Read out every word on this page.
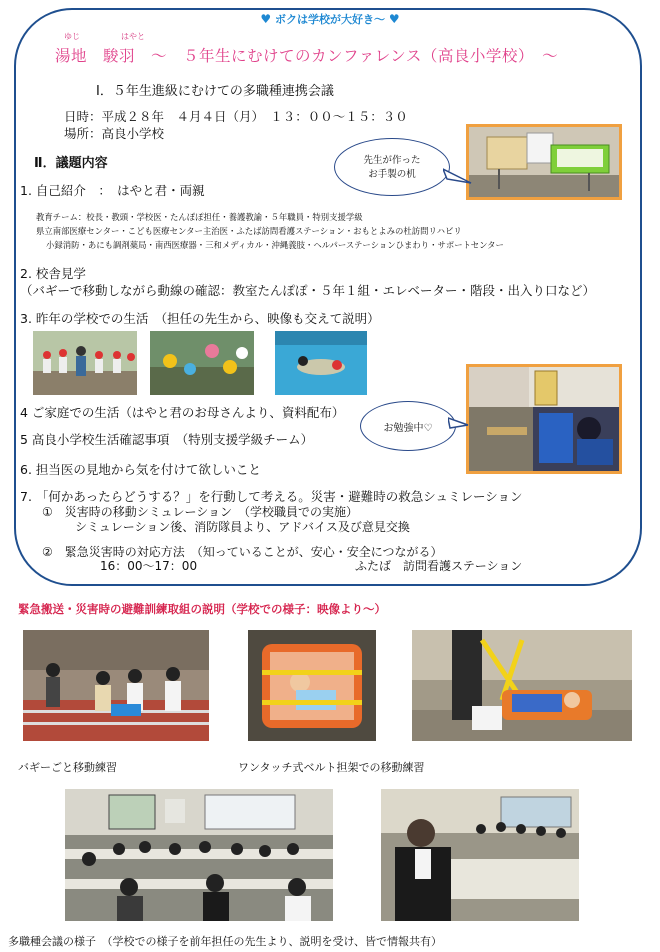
♥ ボクは学校が大好き〜 ♥
ゆじ	はやと
湯地　駿羽　〜　５年生にむけてのカンファレンス（高良小学校）　〜
Ⅰ．５年生進級にむけての多職種連携会議
日時：平成２８年　４月４日（月）　１３：００〜１５：３０
場所：高良小学校
Ⅱ．議題内容
1. 自己紹介　：　はやと君・両親
教育チーム：校長・教頭・学校医・たんぽぽ担任・養護教諭・５年職員・特別支援学級
県立南部医療センター・こども医療センター主治医・ふたば訪問看護ステーション・おもとよみの杜訪問リハビリ
小録消防・あにも調剤薬局・南西医療器・三和メディカル・沖縄義肢・ヘルパーステーションひまわり・サポートセンター
2. 校舎見学
（バギーで移動しながら動線の確認：教室たんぽぽ・５年１組・エレベーター・階段・出入り口など）
3. 昨年の学校での生活　（担任の先生から、映像も交えて説明）
先生が作った
お手製の机
4 ご家庭での生活（はやと君のお母さんより、資料配布）
5 高良小学校生活確認事項　（特別支援学級チーム）
6. 担当医の見地から気を付けて欲しいこと
お勉強中♡
7. 「何かあったらどうする？」を行動して考える。災害・避難時の救急シュミレーション
①　災害時の移動シミュレーション　（学校職員での実施）
シミュレーション後、消防隊員より、アドバイス及び意見交換
②　緊急災害時の対応方法　（知っていることが、安心・安全につながる）
16：00〜17：00	ふたば　訪問看護ステーション
緊急搬送・災害時の避難訓練取組の説明（学校での様子：映像より〜）
バギーごと移動練習	ワンタッチ式ベルト担架での移動練習
多職種会議の様子　（学校での様子を前年担任の先生より、説明を受け、皆で情報共有）
